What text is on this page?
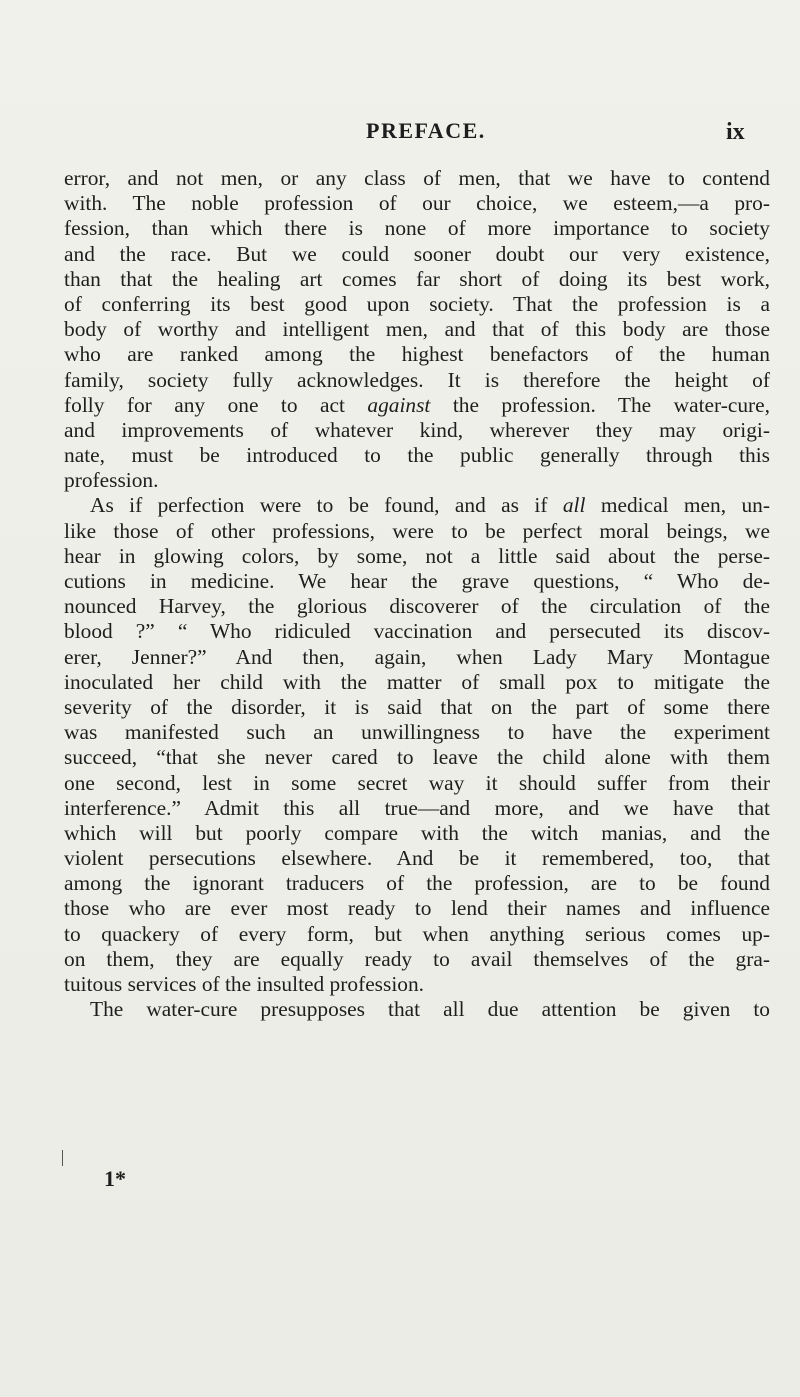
PREFACE.	ix
error, and not men, or any class of men, that we have to contend
with. The noble profession of our choice, we esteem,—a pro-
fession, than which there is none of more importance to society
and the race. But we could sooner doubt our very existence,
than that the healing art comes far short of doing its best work,
of conferring its best good upon society. That the profession is a
body of worthy and intelligent men, and that of this body are those
who are ranked among the highest benefactors of the human
family, society fully acknowledges. It is therefore the height of
folly for any one to act against the profession. The water-cure,
and improvements of whatever kind, wherever they may origi-
nate, must be introduced to the public generally through this
profession.
As if perfection were to be found, and as if all medical men, un-
like those of other professions, were to be perfect moral beings, we
hear in glowing colors, by some, not a little said about the perse-
cutions in medicine. We hear the grave questions, “ Who de-
nounced Harvey, the glorious discoverer of the circulation of the
blood ?” “ Who ridiculed vaccination and persecuted its discov-
erer, Jenner?” And then, again, when Lady Mary Montague
inoculated her child with the matter of small pox to mitigate the
severity of the disorder, it is said that on the part of some there
was manifested such an unwillingness to have the experiment
succeed, “that she never cared to leave the child alone with them
one second, lest in some secret way it should suffer from their
interference.” Admit this all true—and more, and we have that
which will but poorly compare with the witch manias, and the
violent persecutions elsewhere. And be it remembered, too, that
among the ignorant traducers of the profession, are to be found
those who are ever most ready to lend their names and influence
to quackery of every form, but when anything serious comes up-
on them, they are equally ready to avail themselves of the gra-
tuitous services of the insulted profession.
The water-cure presupposes that all due attention be given to
1*
